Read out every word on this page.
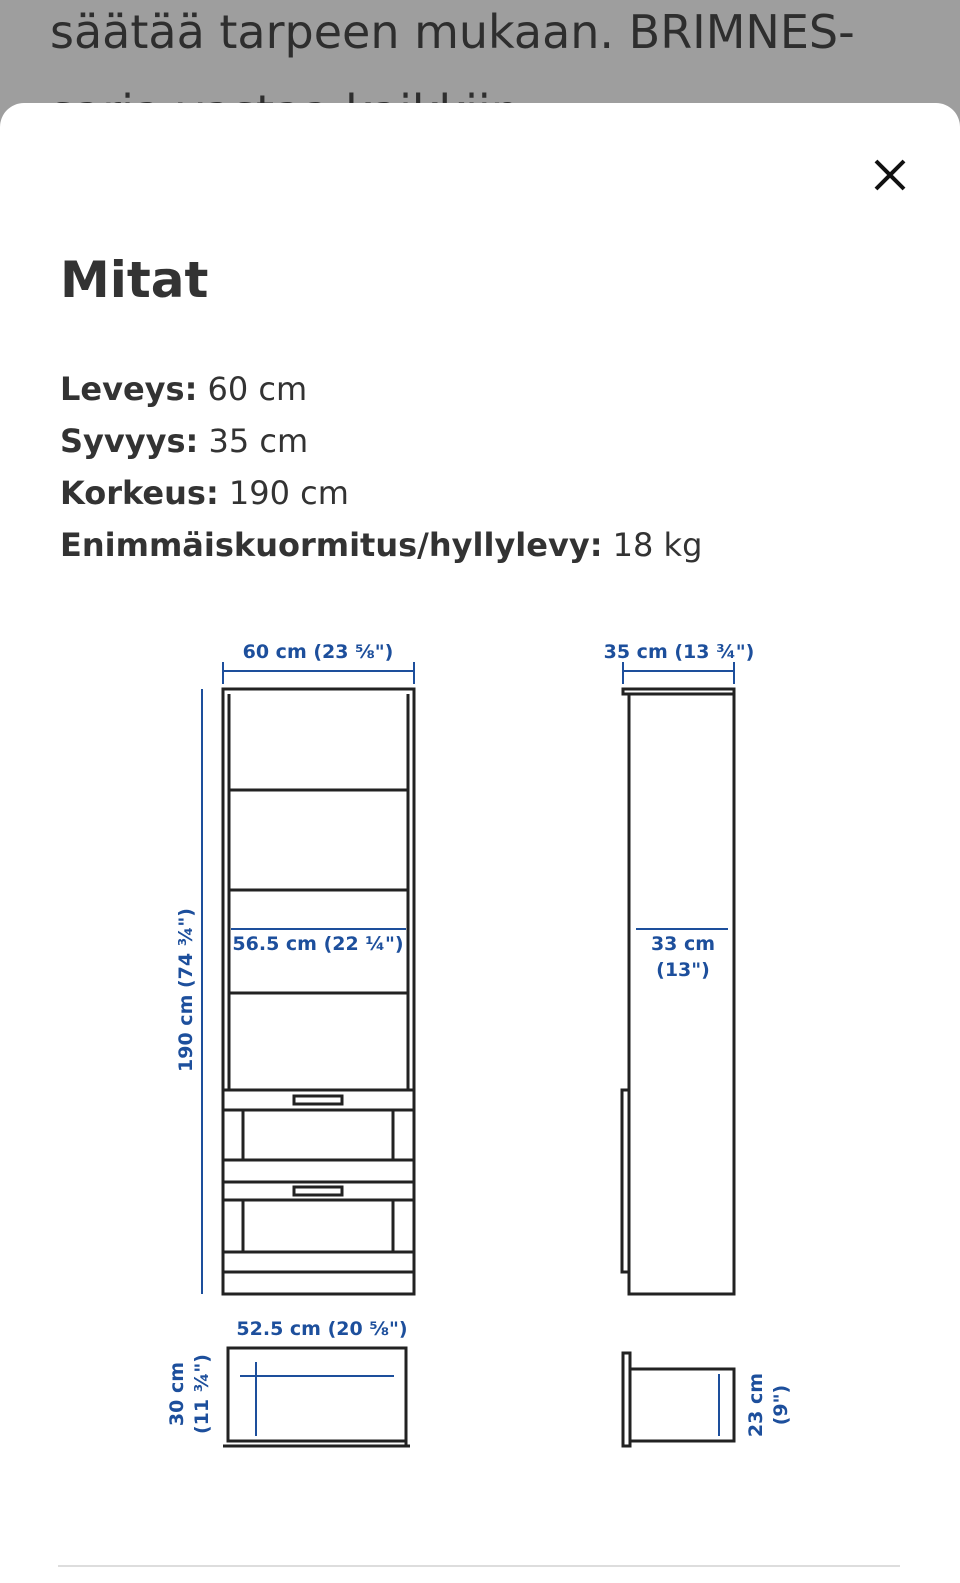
säätää tarpeen mukaan. BRIMNES-
Mitat
Leveys: 60 cm
Syvyys: 35 cm
Korkeus: 190 cm
Enimmäiskuormitus/hyllylevy: 18 kg
60 cm (23 ⅝")	35 cm (13 ¾")
190 cm (74 ¾") 56.5 cm (22 ¼")	33 cm
(13")
52.5 cm (20 ⅝")
30 cm (11 ¾")	23 cm (9")
